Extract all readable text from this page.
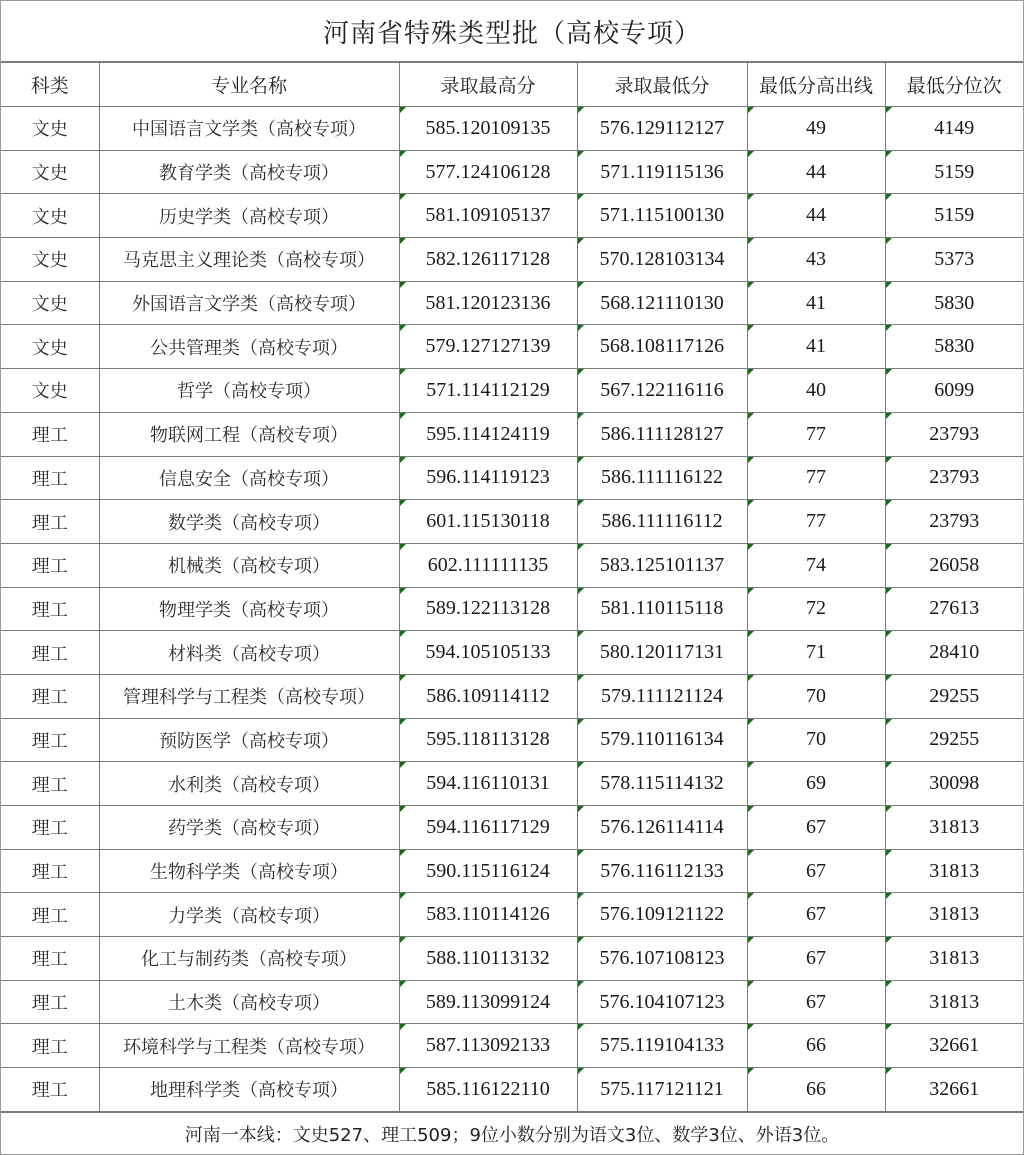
河南省特殊类型批（高校专项）
科类	专业名称	录取最高分	录取最低分	最低分高出线	最低分位次
文史	中国语言文学类（高校专项）	585.120109135	576.129112127	49	4149
文史	教育学类（高校专项）	577.124106128	571.119115136	44	5159
文史	历史学类（高校专项）	581.109105137	571.115100130	44	5159
文史	马克思主义理论类（高校专项）	582.126117128	570.128103134	43	5373
文史	外国语言文学类（高校专项）	581.120123136	568.121110130	41	5830
文史	公共管理类（高校专项）	579.127127139	568.108117126	41	5830
文史	哲学（高校专项）	571.114112129	567.122116116	40	6099
理工	物联网工程（高校专项）	595.114124119	586.111128127	77	23793
理工	信息安全（高校专项）	596.114119123	586.111116122	77	23793
理工	数学类（高校专项）	601.115130118	586.111116112	77	23793
理工	机械类（高校专项）	602.111111135	583.125101137	74	26058
理工	物理学类（高校专项）	589.122113128	581.110115118	72	27613
理工	材料类（高校专项）	594.105105133	580.120117131	71	28410
理工	管理科学与工程类（高校专项）	586.109114112	579.111121124	70	29255
理工	预防医学（高校专项）	595.118113128	579.110116134	70	29255
理工	水利类（高校专项）	594.116110131	578.115114132	69	30098
理工	药学类（高校专项）	594.116117129	576.126114114	67	31813
理工	生物科学类（高校专项）	590.115116124	576.116112133	67	31813
理工	力学类（高校专项）	583.110114126	576.109121122	67	31813
理工	化工与制药类（高校专项）	588.110113132	576.107108123	67	31813
理工	土木类（高校专项）	589.113099124	576.104107123	67	31813
理工	环境科学与工程类（高校专项）	587.113092133	575.119104133	66	32661
理工	地理科学类（高校专项）	585.116122110	575.117121121	66	32661
河南一本线：文史527、理工509；9位小数分别为语文3位、数学3位、外语3位。
